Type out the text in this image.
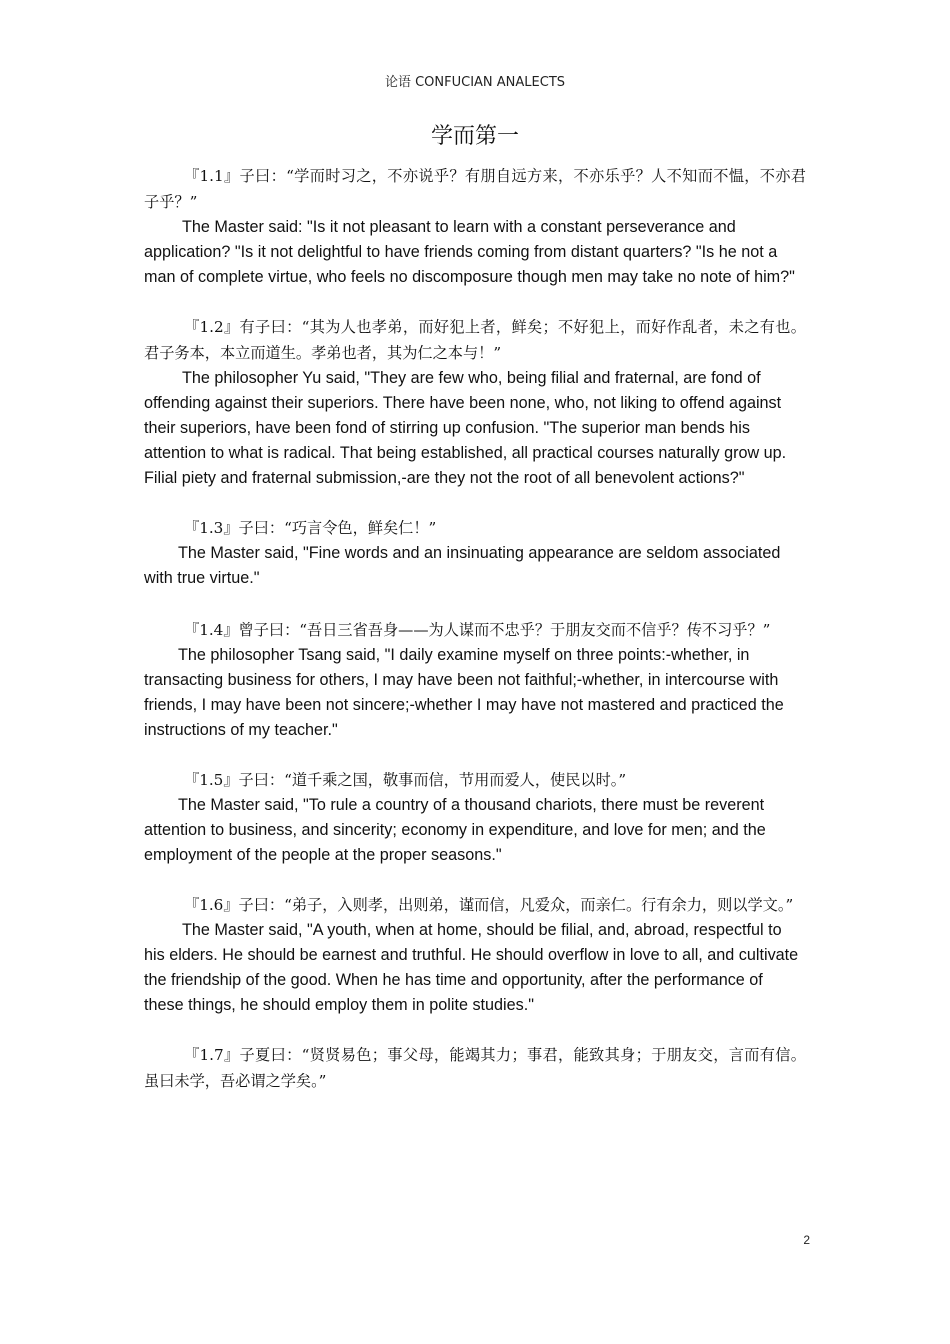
论语 CONFUCIAN ANALECTS
学而第一

『1.1』子曰：“学而时习之，不亦说乎？有朋自远方来，不亦乐乎？人不知而不愠，不亦君子乎？”

The Master said: "Is it not pleasant to learn with a constant perseverance and application? "Is it not delightful to have friends coming from distant quarters? "Is he not a man of complete virtue, who feels no discomposure though men may take no note of him?"

『1.2』有子曰：“其为人也孝弟，而好犯上者，鲜矣；不好犯上，而好作乱者，未之有也。君子务本，本立而道生。孝弟也者，其为仁之本与！”

The philosopher Yu said, "They are few who, being filial and fraternal, are fond of offending against their superiors. There have been none, who, not liking to offend against their superiors, have been fond of stirring up confusion. "The superior man bends his attention to what is radical. That being established, all practical courses naturally grow up. Filial piety and fraternal submission,-are they not the root of all benevolent actions?"

『1.3』子曰：“巧言令色，鲜矣仁！”

The Master said, "Fine words and an insinuating appearance are seldom associated with true virtue."

『1.4』曾子曰：“吾日三省吾身——为人谋而不忠乎？于朋友交而不信乎？传不习乎？”

The philosopher Tsang said, "I daily examine myself on three points:-whether, in transacting business for others, I may have been not faithful;-whether, in intercourse with friends, I may have been not sincere;-whether I may have not mastered and practiced the instructions of my teacher."

『1.5』子曰：“道千乘之国，敬事而信，节用而爱人，使民以时。”

The Master said, "To rule a country of a thousand chariots, there must be reverent attention to business, and sincerity; economy in expenditure, and love for men; and the employment of the people at the proper seasons."

『1.6』子曰：“弟子，入则孝，出则弟，谨而信，凡爱众，而亲仁。行有余力，则以学文。”

The Master said, "A youth, when at home, should be filial, and, abroad, respectful to his elders. He should be earnest and truthful. He should overflow in love to all, and cultivate the friendship of the good. When he has time and opportunity, after the performance of these things, he should employ them in polite studies."

『1.7』子夏曰：“贤贤易色；事父母，能竭其力；事君，能致其身；于朋友交，言而有信。虽曰未学，吾必谓之学矣。”

2
